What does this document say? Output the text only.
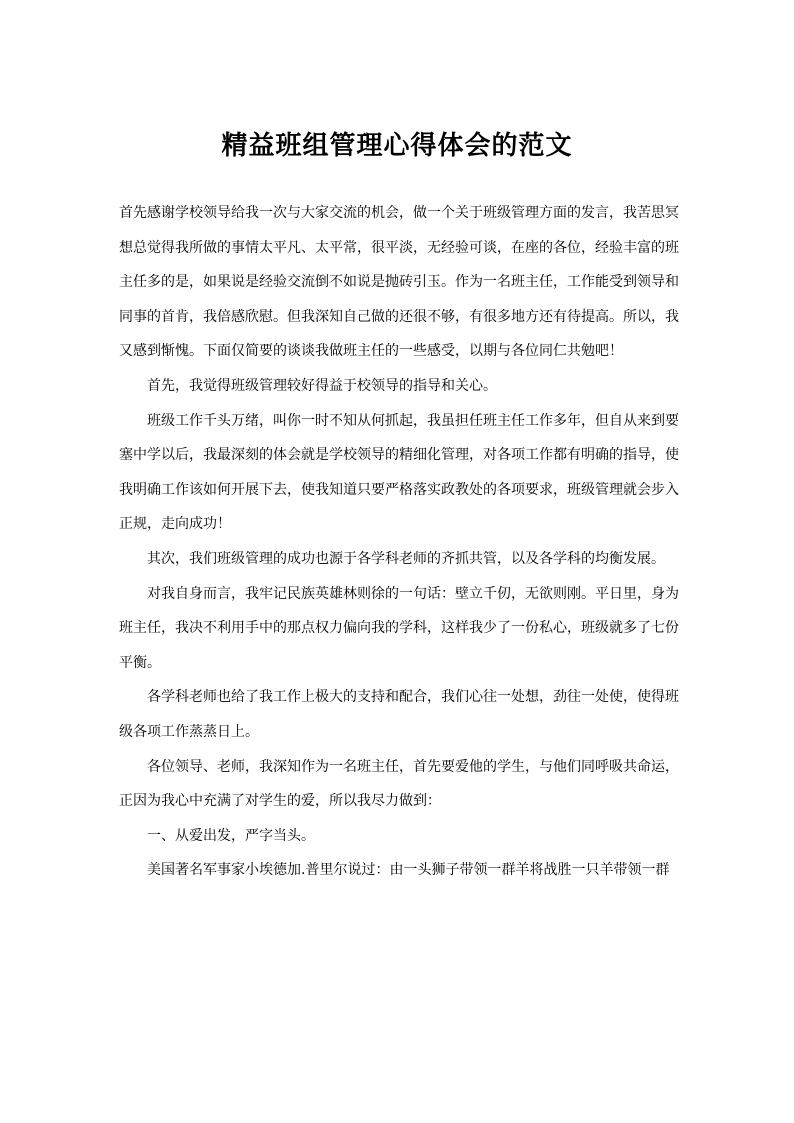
精益班组管理心得体会的范文

首先感谢学校领导给我一次与大家交流的机会，做一个关于班级管理方面的发言，我苦思冥想总觉得我所做的事情太平凡、太平常，很平淡，无经验可谈，在座的各位，经验丰富的班主任多的是，如果说是经验交流倒不如说是抛砖引玉。作为一名班主任，工作能受到领导和同事的首肯，我倍感欣慰。但我深知自己做的还很不够，有很多地方还有待提高。所以，我又感到惭愧。下面仅简要的谈谈我做班主任的一些感受，以期与各位同仁共勉吧！

首先，我觉得班级管理较好得益于校领导的指导和关心。

班级工作千头万绪，叫你一时不知从何抓起，我虽担任班主任工作多年，但自从来到要塞中学以后，我最深刻的体会就是学校领导的精细化管理，对各项工作都有明确的指导，使我明确工作该如何开展下去，使我知道只要严格落实政教处的各项要求，班级管理就会步入正规，走向成功！

其次，我们班级管理的成功也源于各学科老师的齐抓共管，以及各学科的均衡发展。

对我自身而言，我牢记民族英雄林则徐的一句话：壁立千仞，无欲则刚。平日里，身为班主任，我决不利用手中的那点权力偏向我的学科，这样我少了一份私心，班级就多了七份平衡。

各学科老师也给了我工作上极大的支持和配合，我们心往一处想，劲往一处使，使得班级各项工作蒸蒸日上。

各位领导、老师，我深知作为一名班主任，首先要爱他的学生，与他们同呼吸共命运，正因为我心中充满了对学生的爱，所以我尽力做到：

一、从爱出发，严字当头。

美国著名军事家小埃德加.普里尔说过：由一头狮子带领一群羊将战胜一只羊带领一群
